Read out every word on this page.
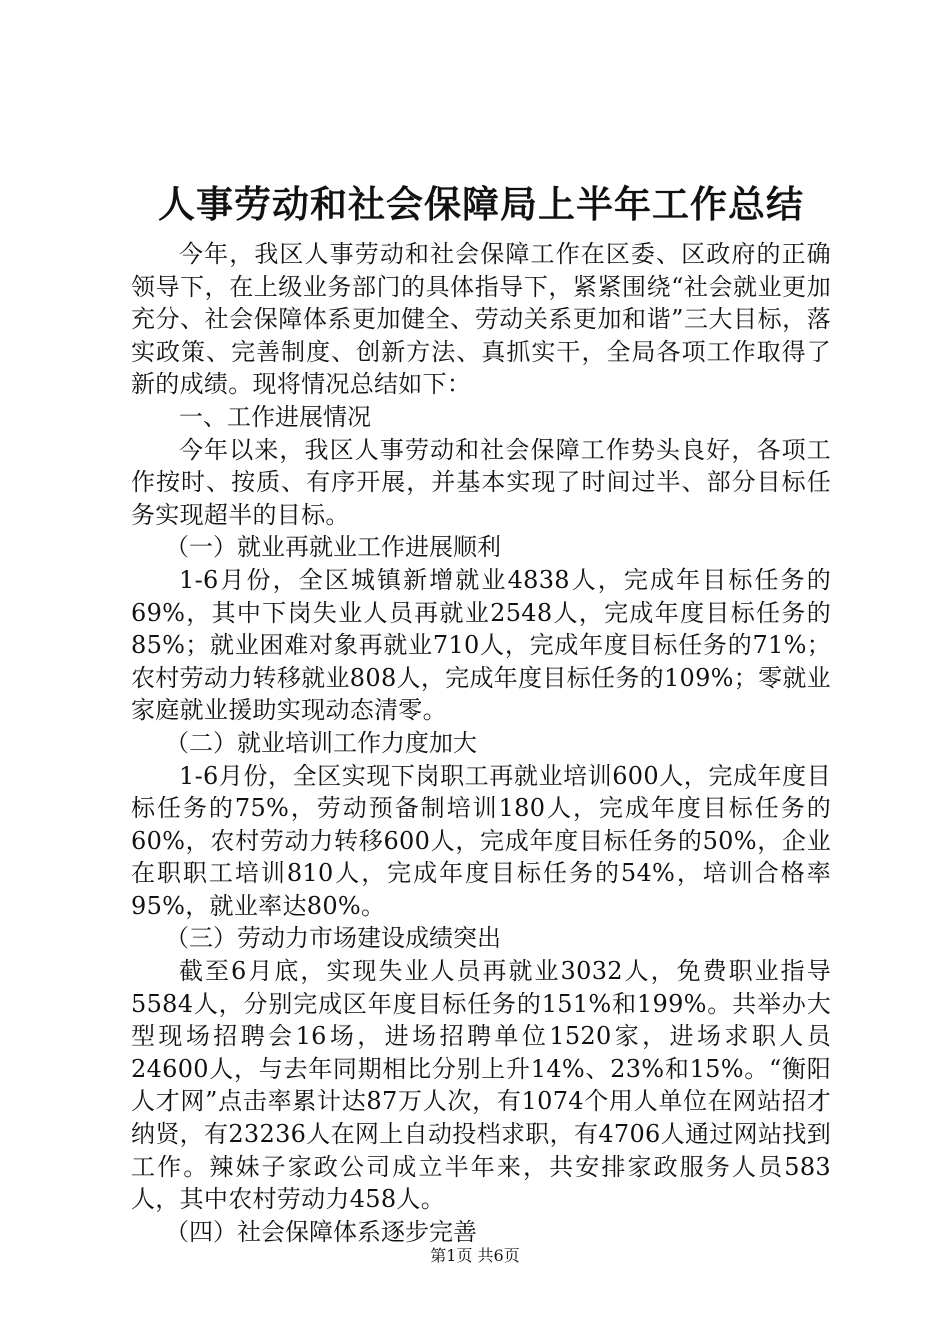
人事劳动和社会保障局上半年工作总结

今年，我区人事劳动和社会保障工作在区委、区政府的正确领导下，在上级业务部门的具体指导下，紧紧围绕“社会就业更加充分、社会保障体系更加健全、劳动关系更加和谐”三大目标，落实政策、完善制度、创新方法、真抓实干，全局各项工作取得了新的成绩。现将情况总结如下：

一、工作进展情况

今年以来，我区人事劳动和社会保障工作势头良好，各项工作按时、按质、有序开展，并基本实现了时间过半、部分目标任务实现超半的目标。

（一）就业再就业工作进展顺利

1-6月份，全区城镇新增就业4838人，完成年目标任务的69%，其中下岗失业人员再就业2548人，完成年度目标任务的85%；就业困难对象再就业710人，完成年度目标任务的71%；农村劳动力转移就业808人，完成年度目标任务的109%；零就业家庭就业援助实现动态清零。

（二）就业培训工作力度加大

1-6月份，全区实现下岗职工再就业培训600人，完成年度目标任务的75%，劳动预备制培训180人，完成年度目标任务的60%，农村劳动力转移600人，完成年度目标任务的50%，企业在职职工培训810人，完成年度目标任务的54%，培训合格率95%，就业率达80%。

（三）劳动力市场建设成绩突出

截至6月底，实现失业人员再就业3032人，免费职业指导5584人，分别完成区年度目标任务的151%和199%。共举办大型现场招聘会16场，进场招聘单位1520家，进场求职人员24600人，与去年同期相比分别上升14%、23%和15%。“衡阳人才网”点击率累计达87万人次，有1074个用人单位在网站招才纳贤，有23236人在网上自动投档求职，有4706人通过网站找到工作。辣妹子家政公司成立半年来，共安排家政服务人员583人，其中农村劳动力458人。

（四）社会保障体系逐步完善

第1页 共6页
